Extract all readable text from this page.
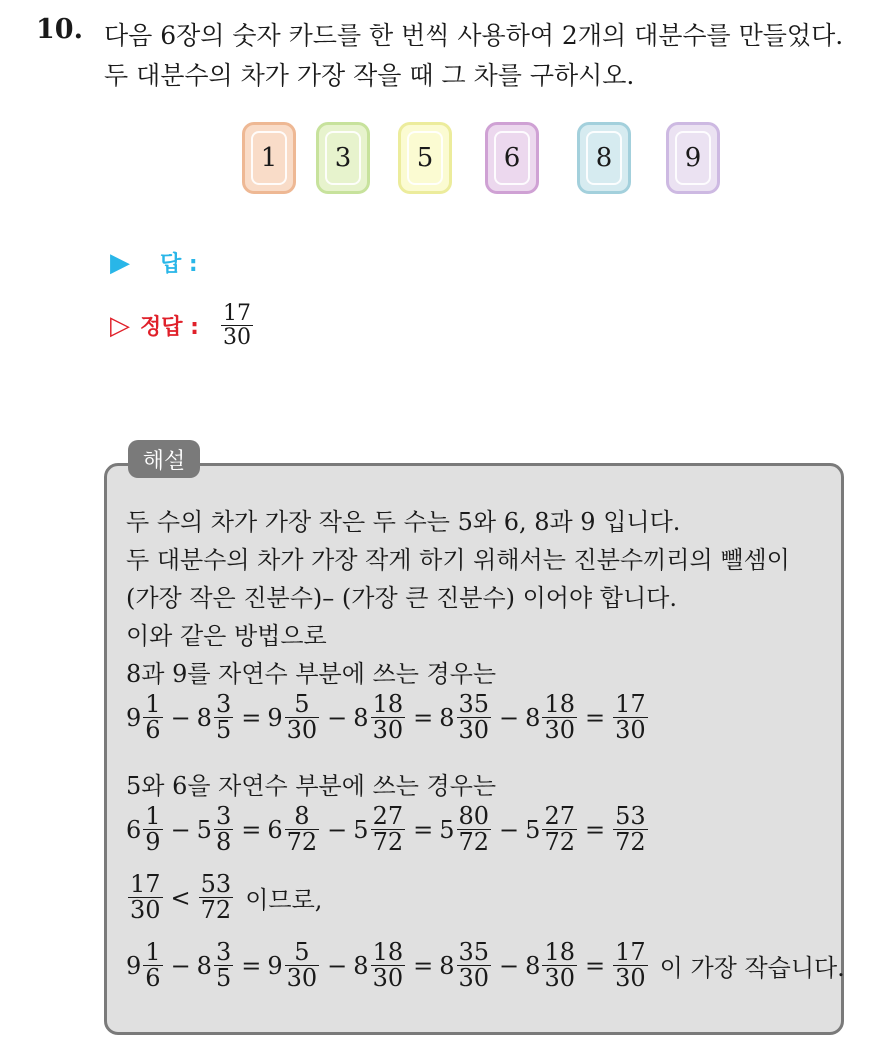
10. 다음 6장의 숫자 카드를 한 번씩 사용하여 2개의 대분수를 만들었다.
두 대분수의 차가 가장 작을 때 그 차를 구하시오.
1 3	5	6	8	9
▶ 답 :
▷ 정답 : $\frac{17}{30}$
해설
두 수의 차가 가장 작은 두 수는 5와 6, 8과 9 입니다.
두 대분수의 차가 가장 작게 하기 위해서는 진분수끼리의 뺄셈이
(가장 작은 진분수)– (가장 큰 진분수) 이어야 합니다.
이와 같은 방법으로
8과 9를 자연수 부분에 쓰는 경우는
$9 \frac{1}{6} - 8 \frac{3}{5} = 9 \frac{5}{30} - 8 \frac{18}{30} = 8 \frac{35}{30} - 8 \frac{18}{30} = \frac{17}{30}$
5와 6을 자연수 부분에 쓰는 경우는
$6 \frac{1}{9} - 5 \frac{3}{8} = 6 \frac{8}{72} - 5 \frac{27}{72} = 5 \frac{80}{72} - 5 \frac{27}{72} = \frac{53}{72}$
$\frac{17}{30} < \frac{53}{72}$ 이므로,
$9 \frac{1}{6} - 8 \frac{3}{5} = 9 \frac{5}{30} - 8 \frac{18}{30} = 8 \frac{35}{30} - 8 \frac{18}{30} = \frac{17}{30}$ 이 가장 작습니다.
